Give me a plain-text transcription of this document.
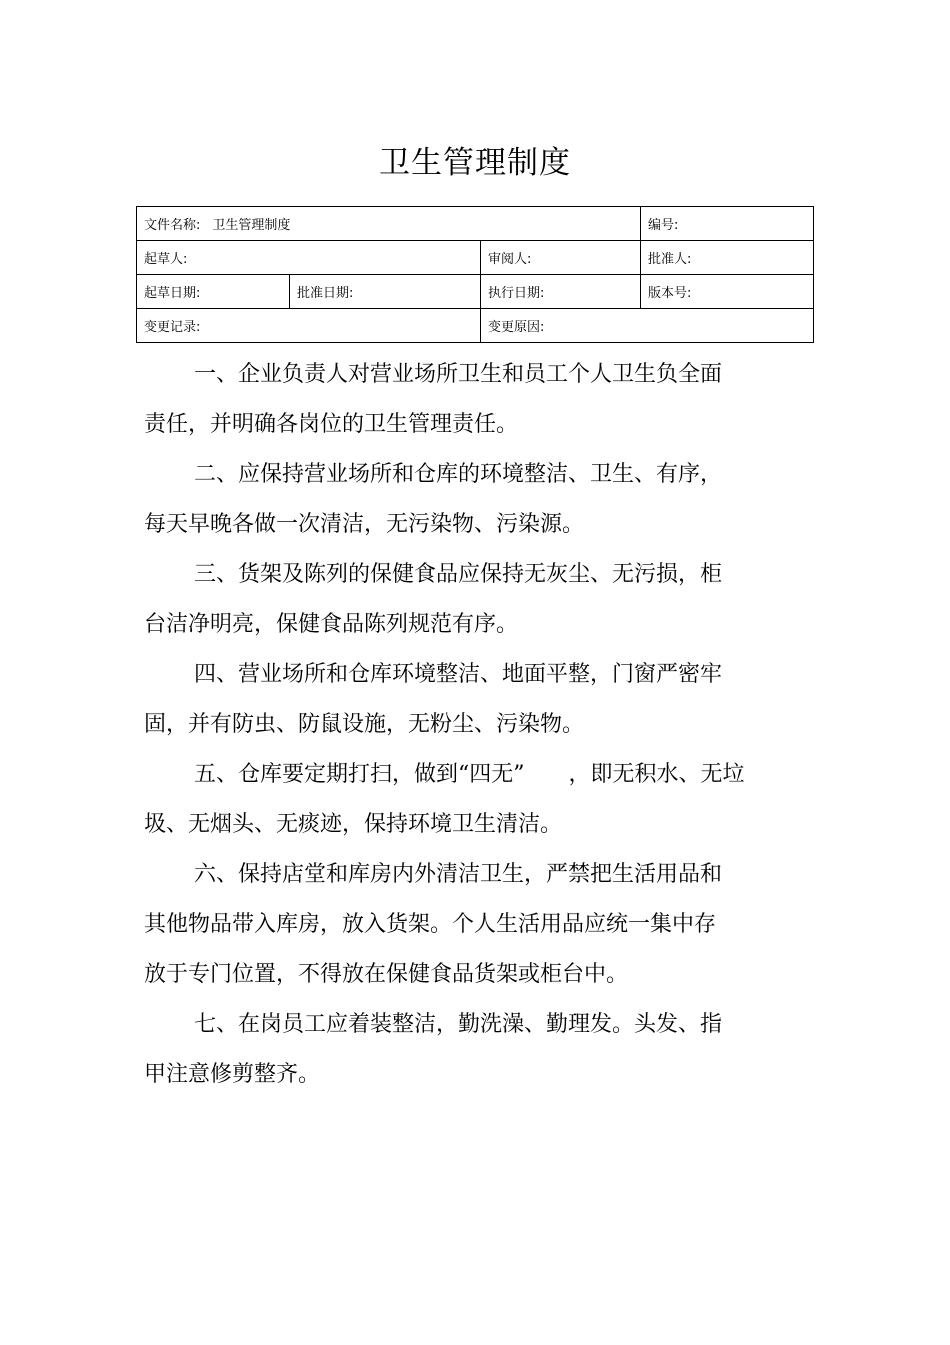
卫生管理制度
文件名称: 卫生管理制度			编号:
起草人:		审阅人:	批准人:
起草日期:	批准日期:	执行日期:	版本号:
变更记录:		变更原因:	

一、企业负责人对营业场所卫生和员工个人卫生负全面
责任，并明确各岗位的卫生管理责任。

二、应保持营业场所和仓库的环境整洁、卫生、有序，
每天早晚各做一次清洁，无污染物、污染源。

三、货架及陈列的保健食品应保持无灰尘、无污损，柜
台洁净明亮，保健食品陈列规范有序。

四、营业场所和仓库环境整洁、地面平整，门窗严密牢
固，并有防虫、防鼠设施，无粉尘、污染物。

五、仓库要定期打扫，做到“四无”　　，即无积水、无垃
圾、无烟头、无痰迹，保持环境卫生清洁。

六、保持店堂和库房内外清洁卫生，严禁把生活用品和
其他物品带入库房，放入货架。个人生活用品应统一集中存
放于专门位置，不得放在保健食品货架或柜台中。

七、在岗员工应着装整洁，勤洗澡、勤理发。头发、指
甲注意修剪整齐。
